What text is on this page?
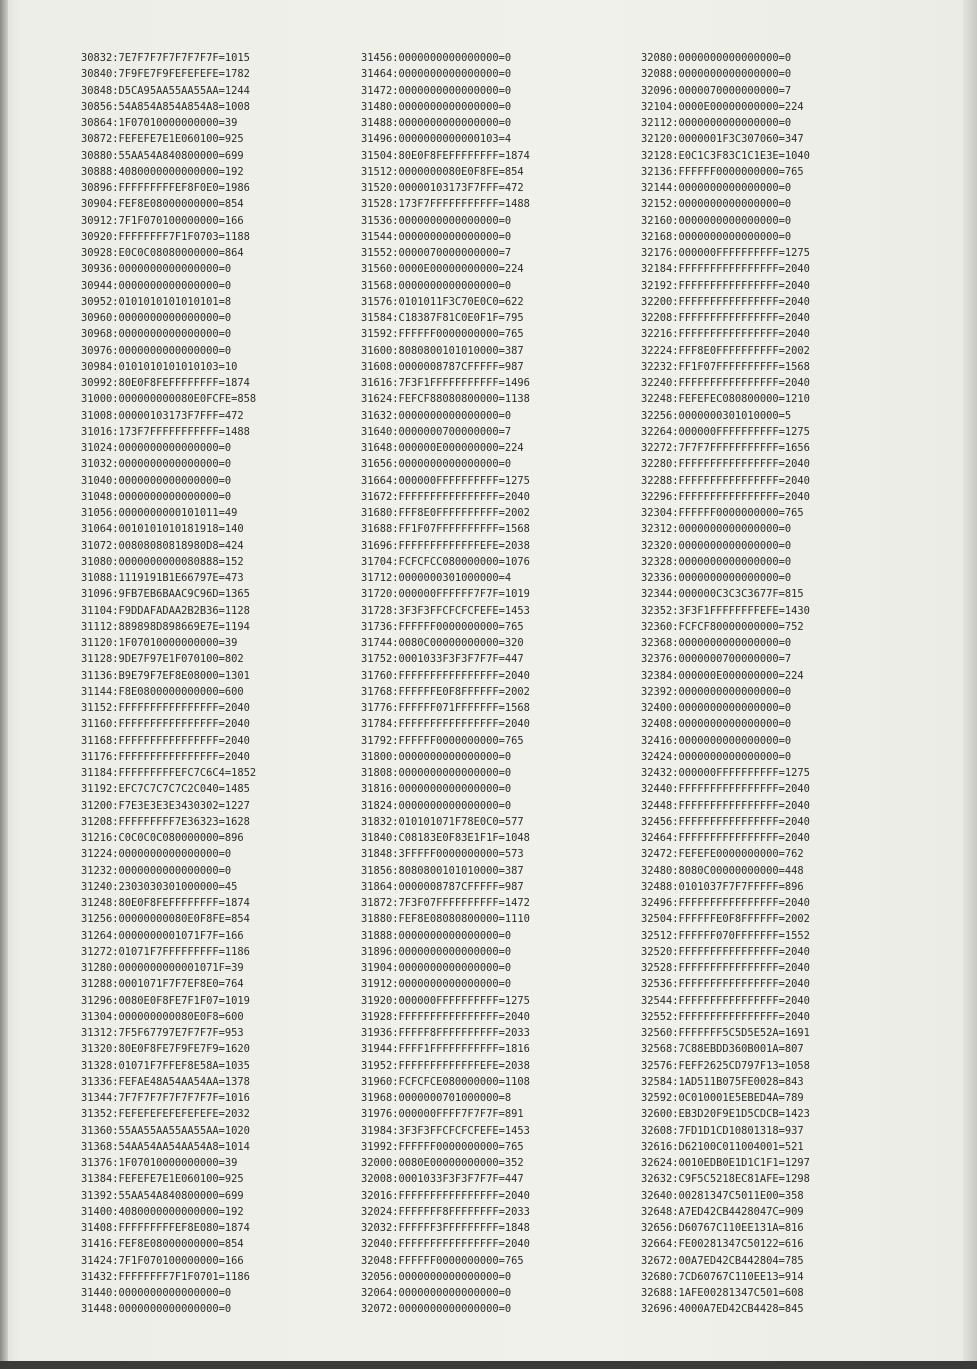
30832:7E7F7F7F7F7F7F7F=1015
30840:7F9FE7F9FEFEFEFE=1782
30848:D5CA95AA55AA55AA=1244
30856:54A854A854A854A8=1008
30864:1F07010000000000=39
30872:FEFEFE7E1E060100=925
30880:55AA54A840800000=699
30888:4080000000000000=192
30896:FFFFFFFFFEF8F0E0=1986
30904:FEF8E08000000000=854
30912:7F1F070100000000=166
30920:FFFFFFFF7F1F0703=1188
30928:E0C0C08080000000=864
30936:0000000000000000=0
30944:0000000000000000=0
30952:0101010101010101=8
30960:0000000000000000=0
30968:0000000000000000=0
30976:0000000000000000=0
30984:0101010101010103=10
30992:80E0F8FEFFFFFFFF=1874
31000:000000000080E0FCFE=858
31008:00000103173F7FFF=472
31016:173F7FFFFFFFFFFF=1488
31024:0000000000000000=0
31032:0000000000000000=0
31040:0000000000000000=0
31048:0000000000000000=0
31056:0000000000101011=49
31064:0010101010181918=140
31072:00808080818980D8=424
31080:0000000000080888=152
31088:1119191B1E66797E=473
31096:9FB7EB6BAAC9C96D=1365
31104:F9DDAFADAA2B2B36=1128
31112:889898D898669E7E=1194
31120:1F07010000000000=39
31128:9DE7F97E1F070100=802
31136:B9E79F7EF8E08000=1301
31144:F8E0800000000000=600
31152:FFFFFFFFFFFFFFFF=2040
31160:FFFFFFFFFFFFFFFF=2040
31168:FFFFFFFFFFFFFFFF=2040
31176:FFFFFFFFFFFFFFFF=2040
31184:FFFFFFFFFEFC7C6C4=1852
31192:EFC7C7C7C7C2C040=1485
31200:F7E3E3E3E3430302=1227
31208:FFFFFFFFF7E36323=1628
31216:C0C0C0C080000000=896
31224:0000000000000000=0
31232:0000000000000000=0
31240:2303030301000000=45
31248:80E0F8FEFFFFFFFF=1874
31256:00000000080E0F8FE=854
31264:0000000001071F7F=166
31272:01071F7FFFFFFFFF=1186
31280:0000000000001071F=39
31288:0001071F7F7EF8E0=764
31296:0080E0F8FE7F1F07=1019
31304:000000000080E0F8=600
31312:7F5F67797E7F7F7F=953
31320:80E0F8FE7F9FE7F9=1620
31328:01071F7FFEF8E58A=1035
31336:FEFAE48A54AA54AA=1378
31344:7F7F7F7F7F7F7F7F=1016
31352:FEFEFEFEFEFEFEFE=2032
31360:55AA55AA55AA55AA=1020
31368:54AA54AA54AA54A8=1014
31376:1F07010000000000=39
31384:FEFEFE7E1E060100=925
31392:55AA54A840800000=699
31400:4080000000000000=192
31408:FFFFFFFFFEF8E080=1874
31416:FEF8E08000000000=854
31424:7F1F070100000000=166
31432:FFFFFFFF7F1F0701=1186
31440:0000000000000000=0
31448:0000000000000000=0
31456:0000000000000000=0
31464:0000000000000000=0
31472:0000000000000000=0
31480:0000000000000000=0
31488:0000000000000000=0
31496:0000000000000103=4
31504:80E0F8FEFFFFFFFF=1874
31512:0000000080E0F8FE=854
31520:00000103173F7FFF=472
31528:173F7FFFFFFFFFFF=1488
31536:0000000000000000=0
31544:0000000000000000=0
31552:0000070000000000=7
31560:0000E00000000000=224
31568:0000000000000000=0
31576:0101011F3C70E0C0=622
31584:C18387F81C0E0F1F=795
31592:FFFFFF0000000000=765
31600:8080800101010000=387
31608:0000008787CFFFFF=987
31616:7F3F1FFFFFFFFFFF=1496
31624:FEFCF88080800000=1138
31632:0000000000000000=0
31640:0000000700000000=7
31648:000000E000000000=224
31656:0000000000000000=0
31664:000000FFFFFFFFFF=1275
31672:FFFFFFFFFFFFFFFF=2040
31680:FFF8E0FFFFFFFFFF=2002
31688:FF1F07FFFFFFFFFF=1568
31696:FFFFFFFFFFFFFEFE=2038
31704:FCFCFCC080000000=1076
31712:0000000301000000=4
31720:000000FFFFFF7F7F=1019
31728:3F3F3FFCFCFCFEFE=1453
31736:FFFFFF0000000000=765
31744:0080C00000000000=320
31752:0001033F3F3F7F7F=447
31760:FFFFFFFFFFFFFFFF=2040
31768:FFFFFFE0F8FFFFFF=2002
31776:FFFFFF071FFFFFFF=1568
31784:FFFFFFFFFFFFFFFF=2040
31792:FFFFFF0000000000=765
31800:0000000000000000=0
31808:0000000000000000=0
31816:0000000000000000=0
31824:0000000000000000=0
31832:010101071F78E0C0=577
31840:C08183E0F83E1F1F=1048
31848:3FFFFF0000000000=573
31856:8080800101010000=387
31864:0000008787CFFFFF=987
31872:7F3F07FFFFFFFFFF=1472
31880:FEF8E08080800000=1110
31888:0000000000000000=0
31896:0000000000000000=0
31904:0000000000000000=0
31912:0000000000000000=0
31920:000000FFFFFFFFFF=1275
31928:FFFFFFFFFFFFFFFF=2040
31936:FFFFF8FFFFFFFFFF=2033
31944:FFFF1FFFFFFFFFFF=1816
31952:FFFFFFFFFFFFFEFE=2038
31960:FCFCFCE080000000=1108
31968:0000000701000000=8
31976:000000FFFF7F7F7F=891
31984:3F3F3FFCFCFCFEFE=1453
31992:FFFFFF0000000000=765
32000:0080E00000000000=352
32008:0001033F3F3F7F7F=447
32016:FFFFFFFFFFFFFFFF=2040
32024:FFFFFFF8FFFFFFFF=2033
32032:FFFFFF3FFFFFFFFF=1848
32040:FFFFFFFFFFFFFFFF=2040
32048:FFFFFF0000000000=765
32056:0000000000000000=0
32064:0000000000000000=0
32072:0000000000000000=0
32080:0000000000000000=0
32088:0000000000000000=0
32096:0000070000000000=7
32104:0000E00000000000=224
32112:0000000000000000=0
32120:0000001F3C307060=347
32128:E0C1C3F83C1C1E3E=1040
32136:FFFFFF0000000000=765
32144:0000000000000000=0
32152:0000000000000000=0
32160:0000000000000000=0
32168:0000000000000000=0
32176:000000FFFFFFFFFF=1275
32184:FFFFFFFFFFFFFFFF=2040
32192:FFFFFFFFFFFFFFFF=2040
32200:FFFFFFFFFFFFFFFF=2040
32208:FFFFFFFFFFFFFFFF=2040
32216:FFFFFFFFFFFFFFFF=2040
32224:FFF8E0FFFFFFFFFF=2002
32232:FF1F07FFFFFFFFFF=1568
32240:FFFFFFFFFFFFFFFF=2040
32248:FEFEFEC080800000=1210
32256:0000000301010000=5
32264:000000FFFFFFFFFF=1275
32272:7F7F7FFFFFFFFFFF=1656
32280:FFFFFFFFFFFFFFFF=2040
32288:FFFFFFFFFFFFFFFF=2040
32296:FFFFFFFFFFFFFFFF=2040
32304:FFFFFF0000000000=765
32312:0000000000000000=0
32320:0000000000000000=0
32328:0000000000000000=0
32336:0000000000000000=0
32344:000000C3C3C3677F=815
32352:3F3F1FFFFFFFFEFE=1430
32360:FCFCF80000000000=752
32368:0000000000000000=0
32376:0000000700000000=7
32384:000000E000000000=224
32392:0000000000000000=0
32400:0000000000000000=0
32408:0000000000000000=0
32416:0000000000000000=0
32424:0000000000000000=0
32432:000000FFFFFFFFFF=1275
32440:FFFFFFFFFFFFFFFF=2040
32448:FFFFFFFFFFFFFFFF=2040
32456:FFFFFFFFFFFFFFFF=2040
32464:FFFFFFFFFFFFFFFF=2040
32472:FEFEFE0000000000=762
32480:8080C00000000000=448
32488:0101037F7F7FFFFF=896
32496:FFFFFFFFFFFFFFFF=2040
32504:FFFFFFE0F8FFFFFF=2002
32512:FFFFFF070FFFFFFF=1552
32520:FFFFFFFFFFFFFFFF=2040
32528:FFFFFFFFFFFFFFFF=2040
32536:FFFFFFFFFFFFFFFF=2040
32544:FFFFFFFFFFFFFFFF=2040
32552:FFFFFFFFFFFFFFFF=2040
32560:FFFFFFF5C5D5E52A=1691
32568:7C88EBDD360B001A=807
32576:FEFF2625CD797F13=1058
32584:1AD511B075FE0028=843
32592:0C010001E5EBED4A=789
32600:EB3D20F9E1D5CDCB=1423
32608:7FD1D1CD10801318=937
32616:D62100C011004001=521
32624:0010EDB0E1D1C1F1=1297
32632:C9F5C5218EC81AFE=1298
32640:00281347C5011E00=358
32648:A7ED42CB4428047C=909
32656:D60767C110EE131A=816
32664:FE00281347C50122=616
32672:00A7ED42CB442804=785
32680:7CD60767C110EE13=914
32688:1AFE00281347C501=608
32696:4000A7ED42CB4428=845
